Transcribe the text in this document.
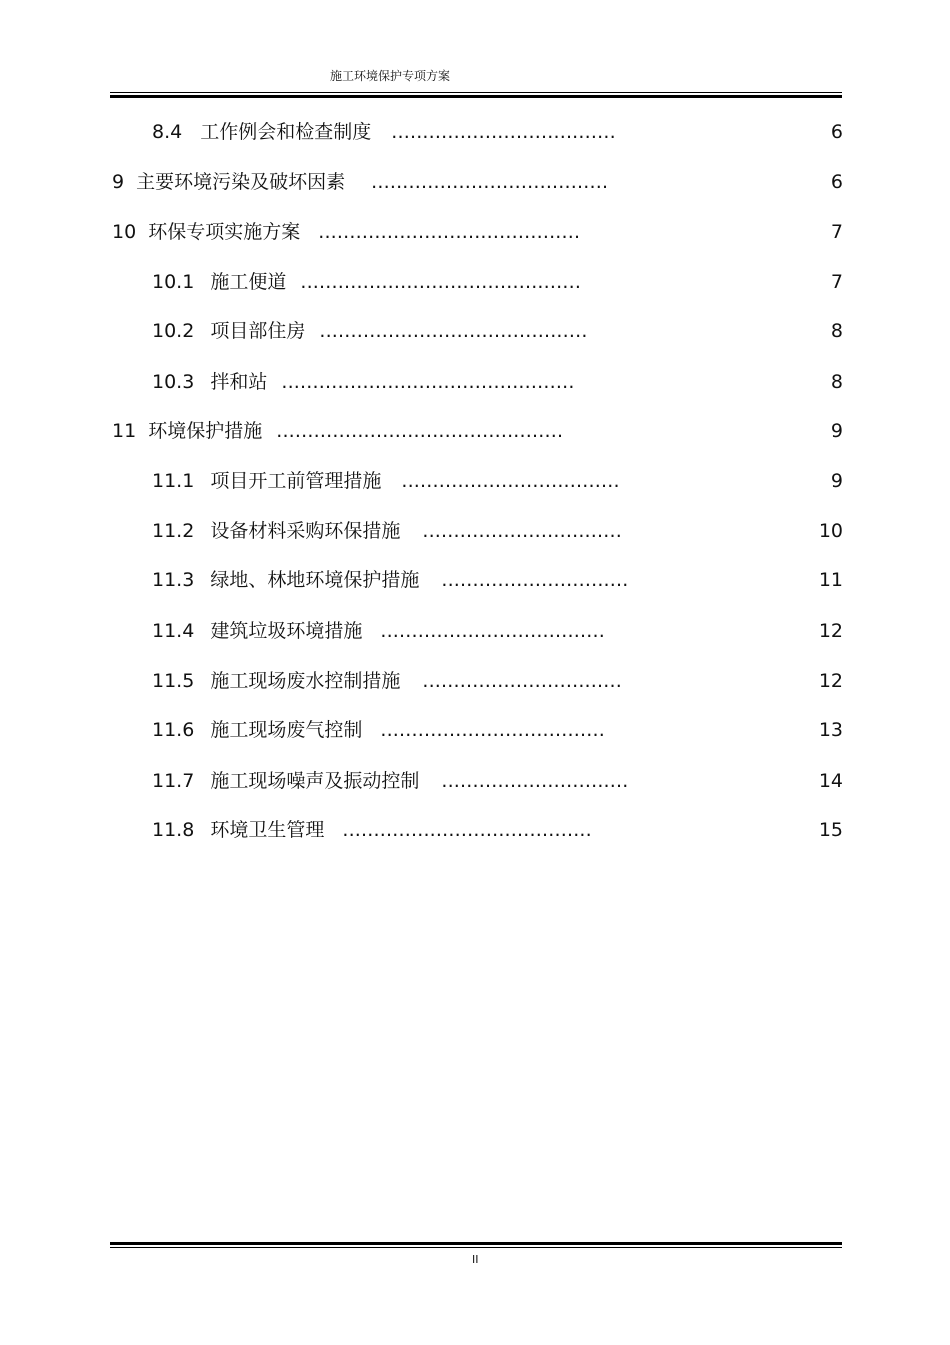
施工环境保护专项方案
8.4 工作例会和检查制度 ....................................	6
9 主要环境污染及破坏因素 ......................................	6
10 环保专项实施方案 ..........................................	7
10.1 施工便道 .............................................	7
10.2 项目部住房 ...........................................	8
10.3 拌和站 ...............................................	8
11 环境保护措施 ..............................................	9
11.1 项目开工前管理措施 ...................................	9
11.2 设备材料采购环保措施 ................................	10
11.3 绿地、林地环境保护措施 ..............................	11
11.4 建筑垃圾环境措施 ....................................	12
11.5 施工现场废水控制措施 ................................	12
11.6 施工现场废气控制 ....................................	13
11.7 施工现场噪声及振动控制 ..............................	14
11.8 环境卫生管理 ........................................	15
II
